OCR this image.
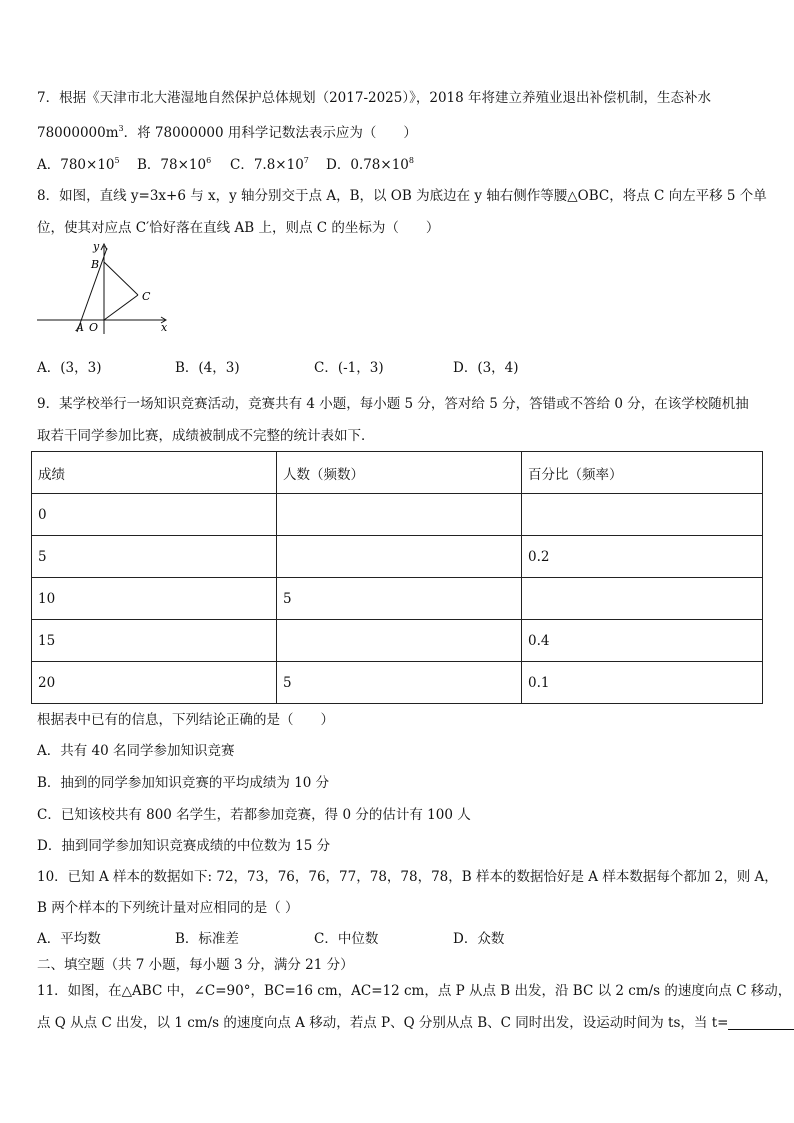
7．根据《天津市北大港湿地自然保护总体规划（2017-2025）》，2018 年将建立养殖业退出补偿机制，生态补水
$78000000m^3$．将 78000000 用科学记数法表示应为（　　）
A．$780\times 10^5$ B．$78\times 10^6$ C．$7.8\times 10^7$ D．$0.78\times 10^8$
8．如图，直线 y=3x+6 与 x，y 轴分别交于点 A，B，以 OB 为底边在 y 轴右侧作等腰△OBC，将点 C 向左平移 5 个单
位，使其对应点 C′恰好落在直线 AB 上，则点 C 的坐标为（　　）
y
B
C
A O	x
A．(3，3)	B．(4，3)	C．(-1，3)	D．(3，4)
9．某学校举行一场知识竞赛活动，竞赛共有 4 小题，每小题 5 分，答对给 5 分，答错或不答给 0 分，在该学校随机抽
取若干同学参加比赛，成绩被制成不完整的统计表如下．
成绩	人数（频数）	百分比（频率）
0		
5		0.2
10	5	
15		0.4
20	5	0.1
根据表中已有的信息，下列结论正确的是（　　）
A．共有 40 名同学参加知识竞赛
B．抽到的同学参加知识竞赛的平均成绩为 10 分
C．已知该校共有 800 名学生，若都参加竞赛，得 0 分的估计有 100 人
D．抽到同学参加知识竞赛成绩的中位数为 15 分
10．已知 A 样本的数据如下: 72，73，76，76，77，78，78，78，B 样本的数据恰好是 A 样本数据每个都加 2，则 A，
B 两个样本的下列统计量对应相同的是（ ）
A．平均数	B．标准差	C．中位数	D．众数
二、填空题（共 7 小题，每小题 3 分，满分 21 分）
11．如图，在△ABC 中，∠C=90°，BC=16 cm，AC=12 cm，点 P 从点 B 出发，沿 BC 以 2 cm/s 的速度向点 C 移动，
点 Q 从点 C 出发，以 1 cm/s 的速度向点 A 移动，若点 P、Q 分别从点 B、C 同时出发，设运动时间为 ts，当 t=
